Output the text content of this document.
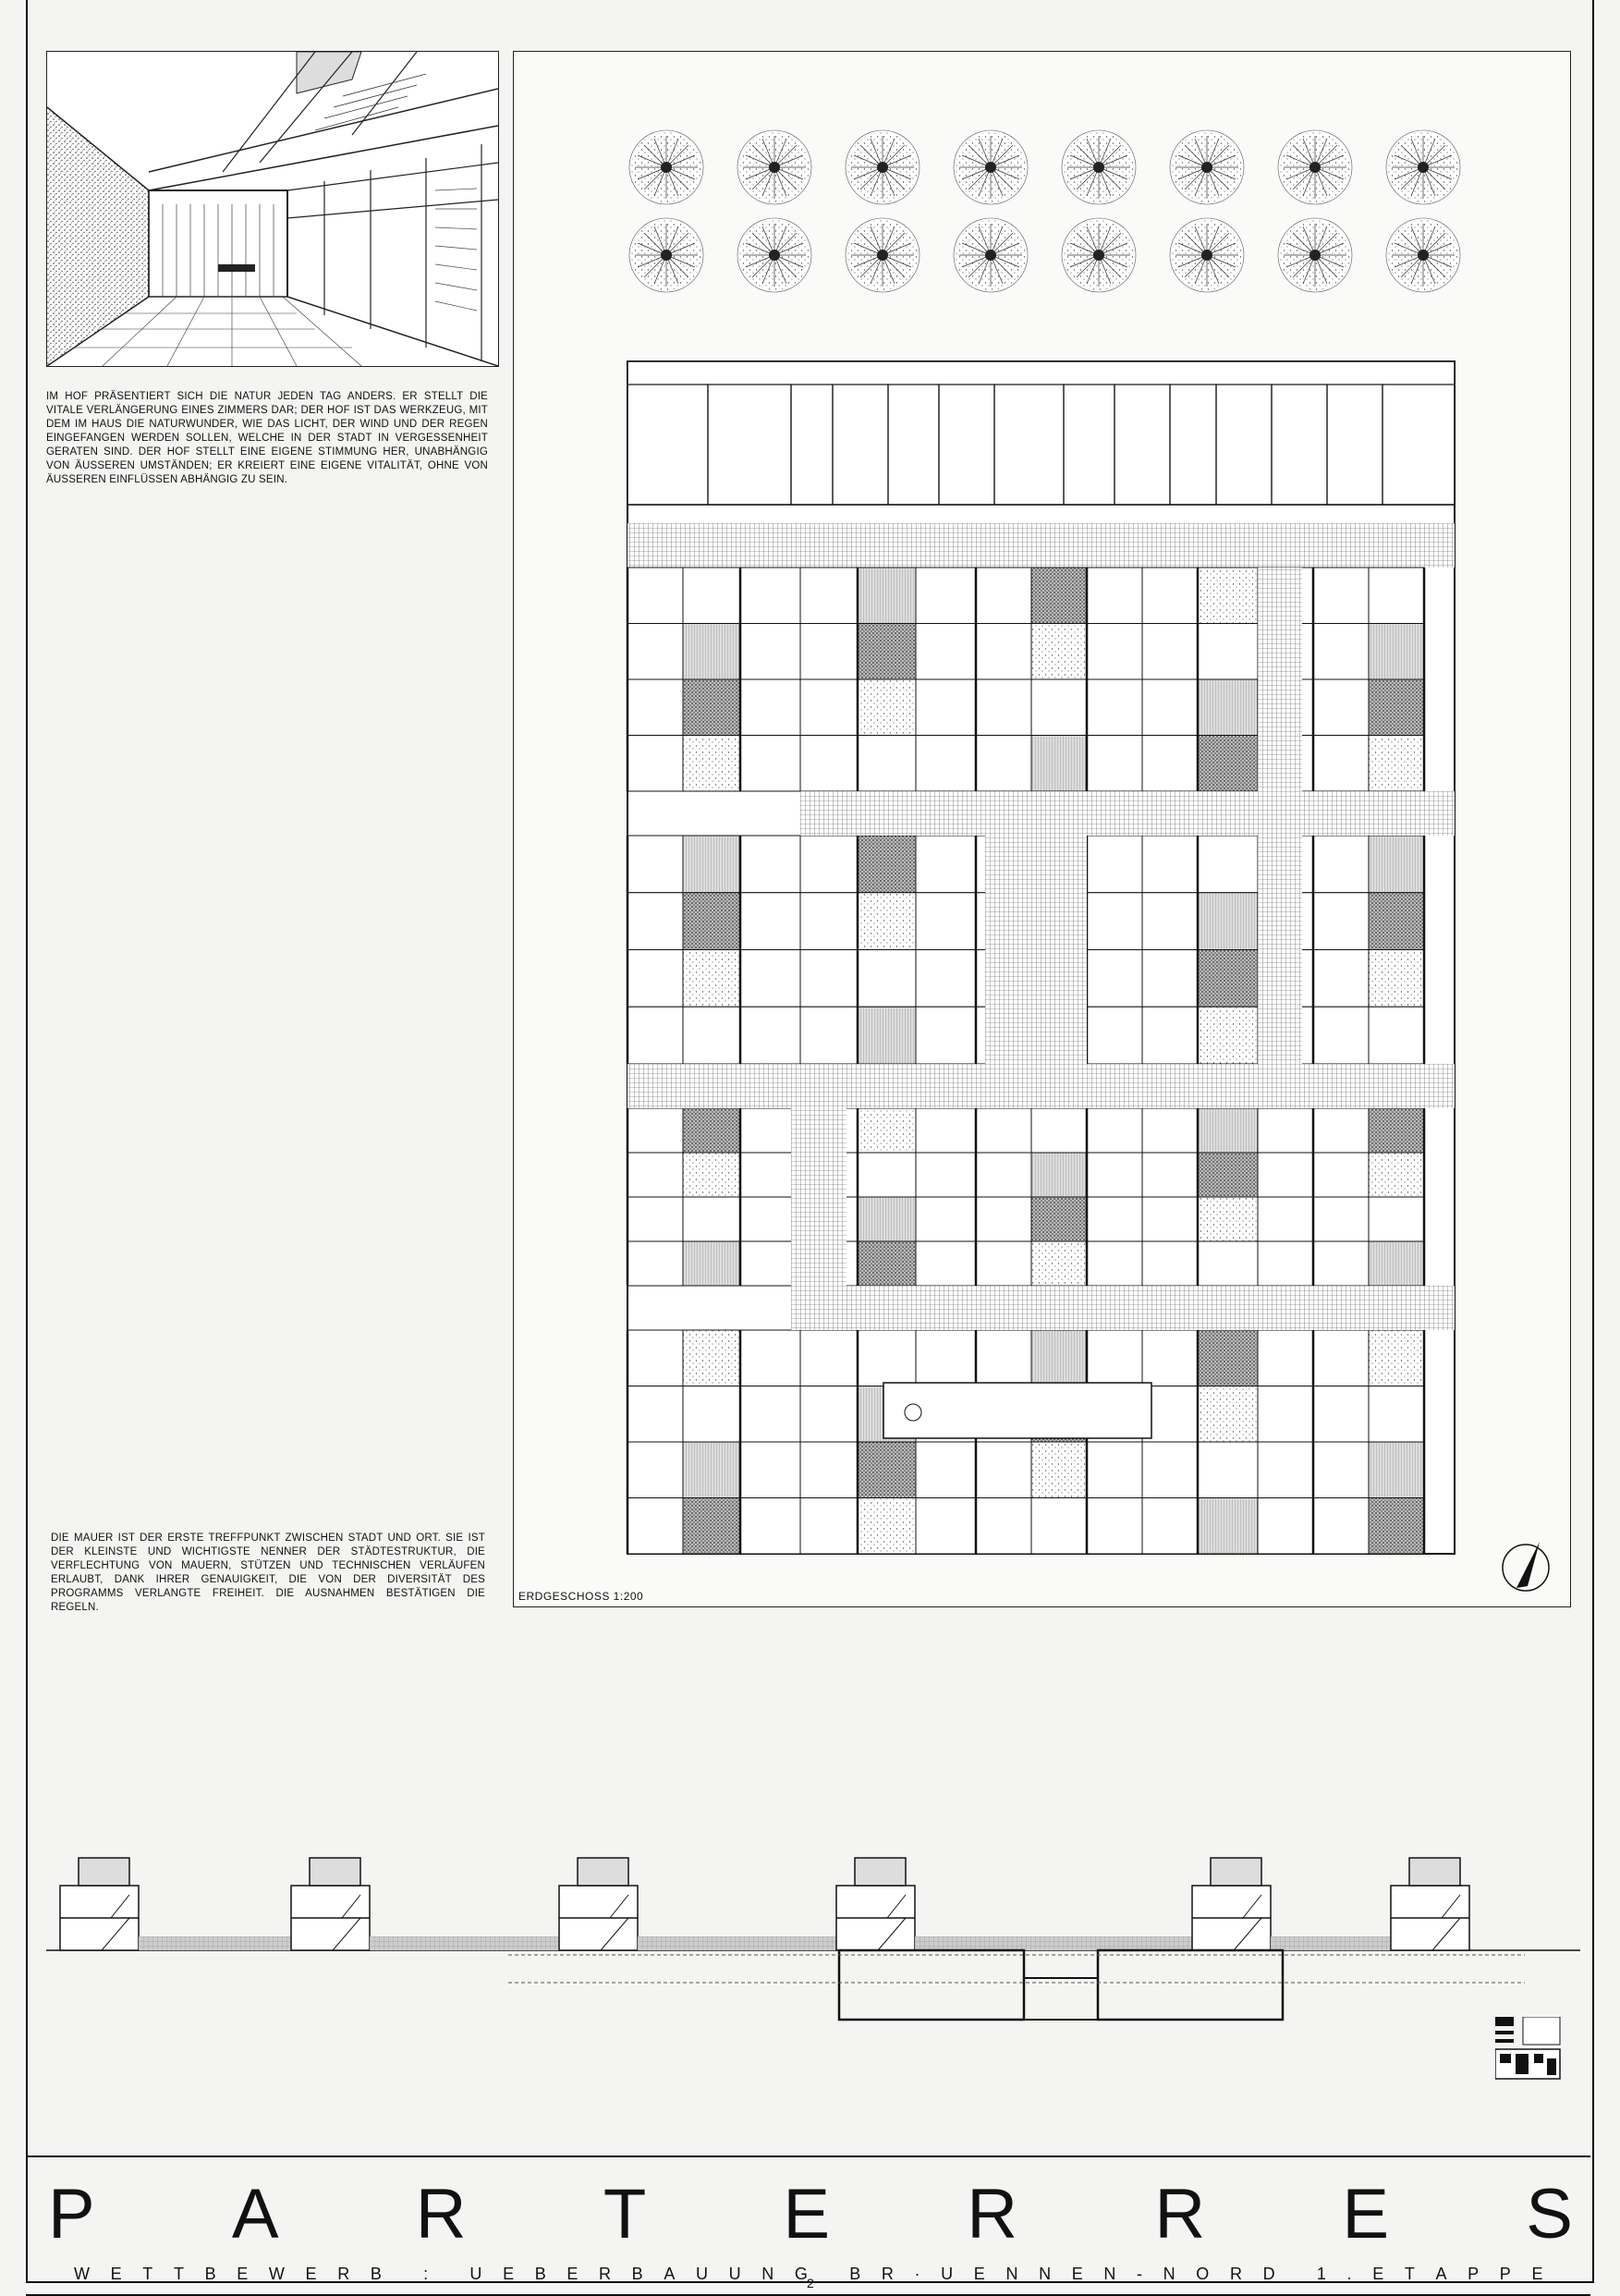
IM HOF PRÄSENTIERT SICH DIE NATUR JEDEN TAG ANDERS. ER STELLT DIE VITALE VERLÄNGERUNG EINES ZIMMERS DAR; DER HOF IST DAS WERKZEUG, MIT DEM IM HAUS DIE NATURWUNDER, WIE DAS LICHT, DER WIND UND DER REGEN EINGEFANGEN WERDEN SOLLEN, WELCHE IN DER STADT IN VERGESSENHEIT GERATEN SIND. DER HOF STELLT EINE EIGENE STIMMUNG HER, UNABHÄNGIG VON ÄUSSEREN UMSTÄNDEN; ER KREIERT EINE EIGENE VITALITÄT, OHNE VON ÄUSSEREN EINFLÜSSEN ABHÄNGIG ZU SEIN.
DIE MAUER IST DER ERSTE TREFFPUNKT ZWISCHEN STADT UND ORT. SIE IST DER KLEINSTE UND WICHTIGSTE NENNER DER STÄDTESTRUKTUR, DIE VERFLECHTUNG VON MAUERN, STÜTZEN UND TECHNISCHEN VERLÄUFEN ERLAUBT, DANK IHRER GENAUIGKEIT, DIE VON DER DIVERSITÄT DES PROGRAMMS VERLANGTE FREIHEIT. DIE AUSNAHMEN BESTÄTIGEN DIE REGELN.
ERDGESCHOSS 1:200
P A R T E R R E S
W E T T B E W E R B	:	U E B E R B A U U N G	B R · U E N N E N - N O R D	1 . E T A P P E
2
